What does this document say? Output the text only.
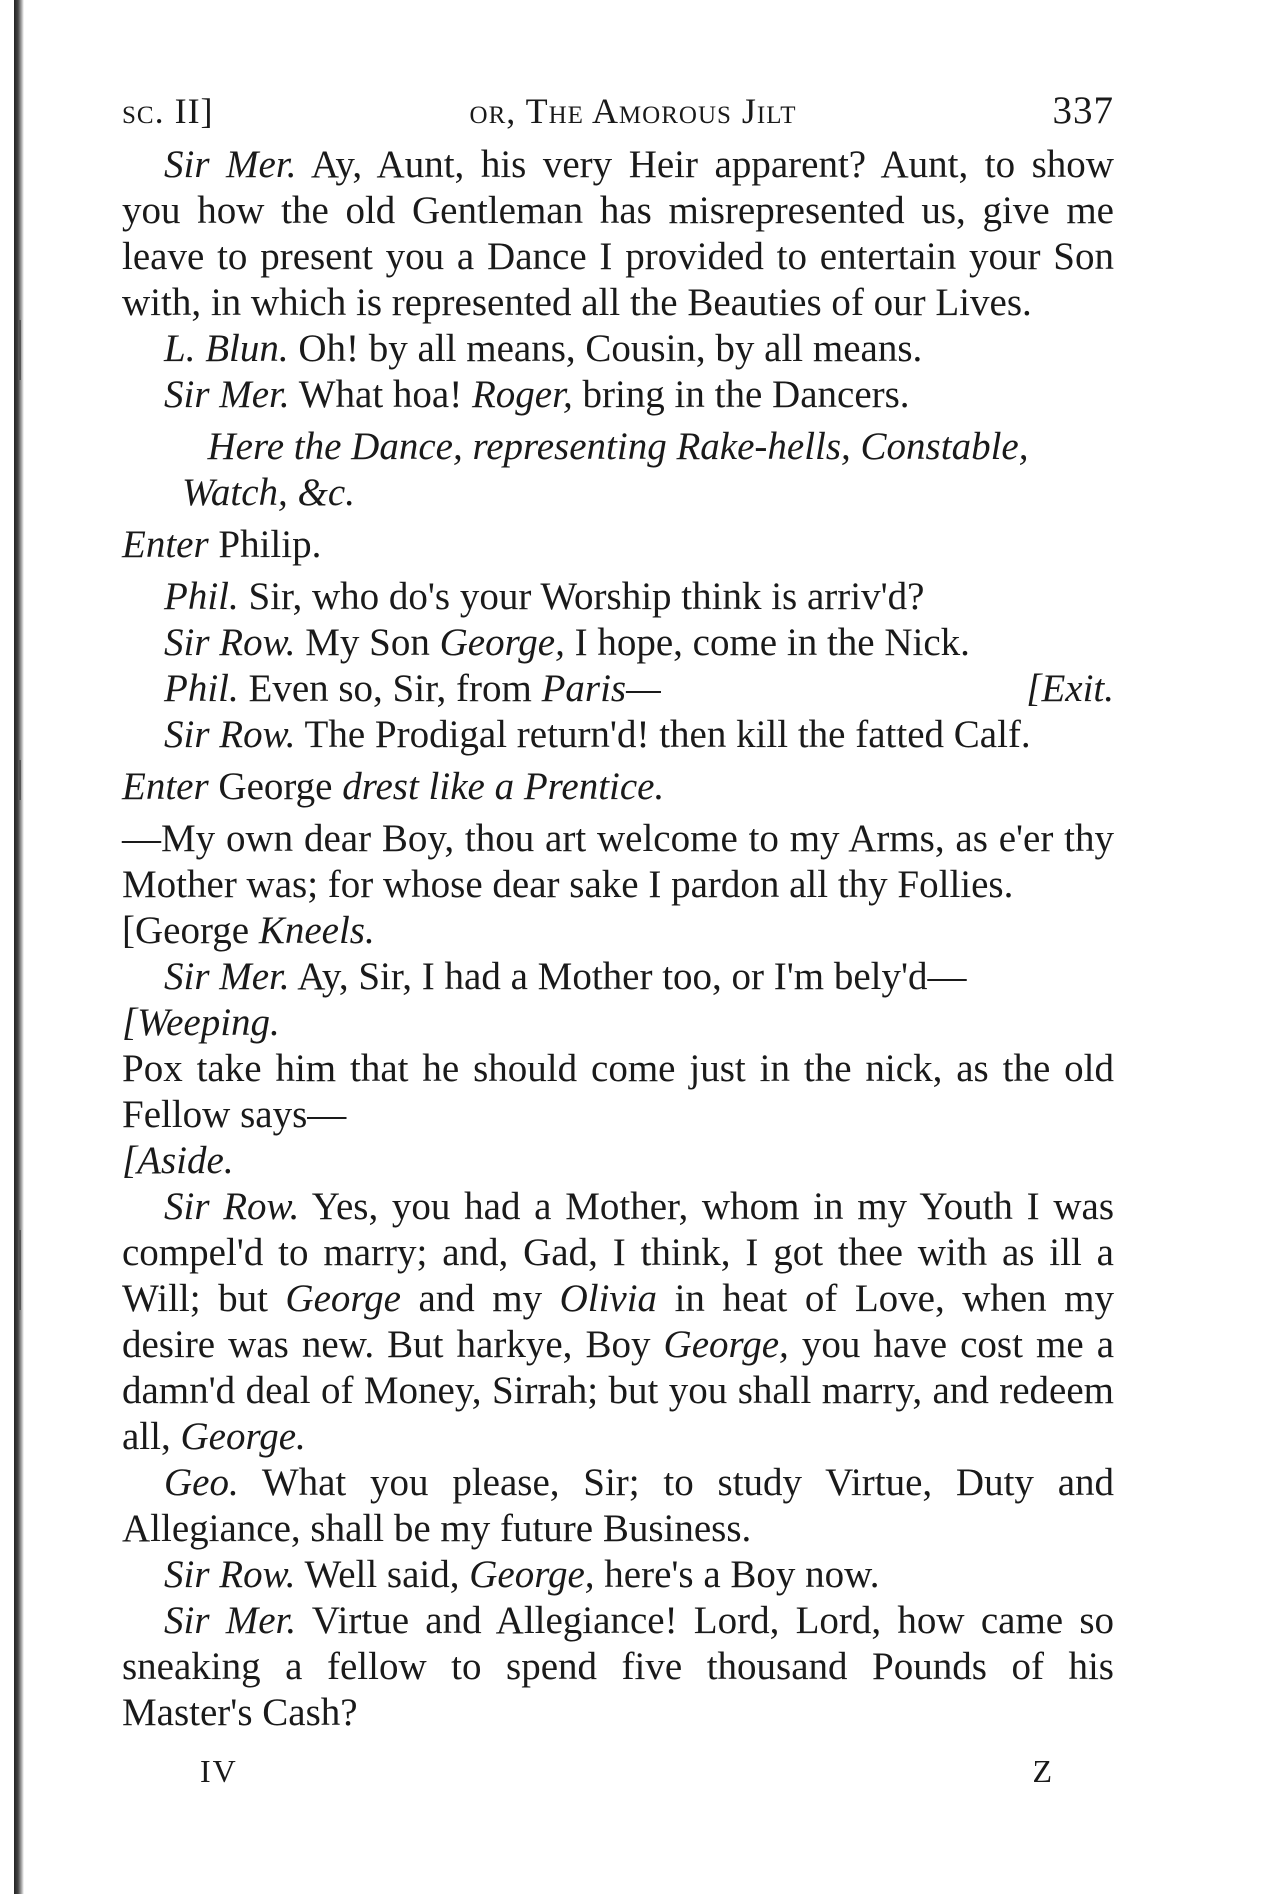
sc. II]	or, The Amorous Jilt	337

Sir Mer. Ay, Aunt, his very Heir apparent? Aunt, to show you how the old Gentleman has misrepresented us, give me leave to present you a Dance I provided to entertain your Son with, in which is represented all the Beauties of our Lives.

L. Blun. Oh! by all means, Cousin, by all means.

Sir Mer. What hoa! Roger, bring in the Dancers.

Here the Dance, representing Rake-hells, Constable, Watch, &c.

Enter Philip.

Phil. Sir, who do's your Worship think is arriv'd?

Sir Row. My Son George, I hope, come in the Nick.

Phil. Even so, Sir, from Paris—	[Exit.

Sir Row. The Prodigal return'd! then kill the fatted Calf.

Enter George drest like a Prentice.

—My own dear Boy, thou art welcome to my Arms, as e'er thy Mother was; for whose dear sake I pardon all thy Follies.

[George Kneels.

Sir Mer. Ay, Sir, I had a Mother too, or I'm bely'd—

[Weeping.

Pox take him that he should come just in the nick, as the old Fellow says—

[Aside.

Sir Row. Yes, you had a Mother, whom in my Youth I was compel'd to marry; and, Gad, I think, I got thee with as ill a Will; but George and my Olivia in heat of Love, when my desire was new. But harkye, Boy George, you have cost me a damn'd deal of Money, Sirrah; but you shall marry, and redeem all, George.

Geo. What you please, Sir; to study Virtue, Duty and Allegiance, shall be my future Business.

Sir Row. Well said, George, here's a Boy now.

Sir Mer. Virtue and Allegiance! Lord, Lord, how came so sneaking a fellow to spend five thousand Pounds of his Master's Cash?

IV	Z
